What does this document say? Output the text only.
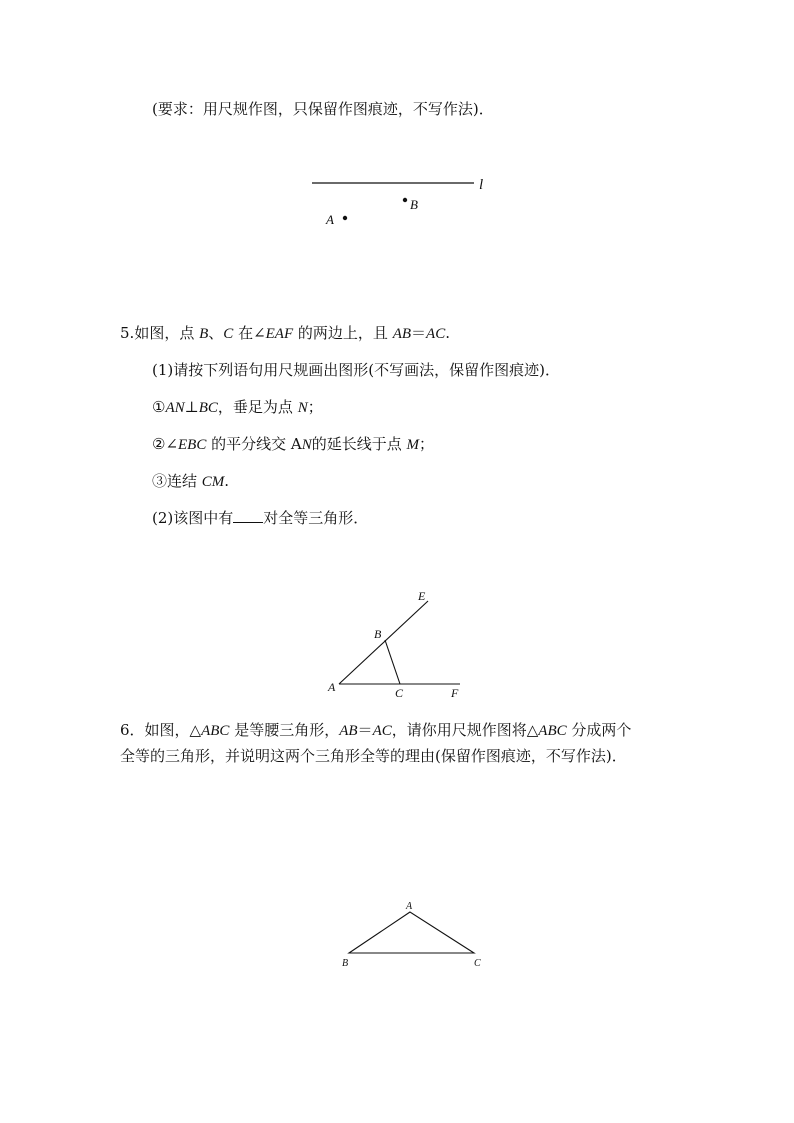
(要求：用尺规作图，只保留作图痕迹，不写作法)．
l
B
A
5.如图，点 B、C 在∠EAF 的两边上，且 AB＝AC.
(1)请按下列语句用尺规画出图形(不写画法，保留作图痕迹)．
①AN⊥BC，垂足为点 N；
②∠EBC 的平分线交 AN的延长线于点 M；
③连结 CM.
(2)该图中有 对全等三角形．
E
B
A	C	F
6．如图，△ABC 是等腰三角形，AB＝AC，请你用尺规作图将△ABC 分成两个
全等的三角形，并说明这两个三角形全等的理由(保留作图痕迹，不写作法)．
A
B	C
